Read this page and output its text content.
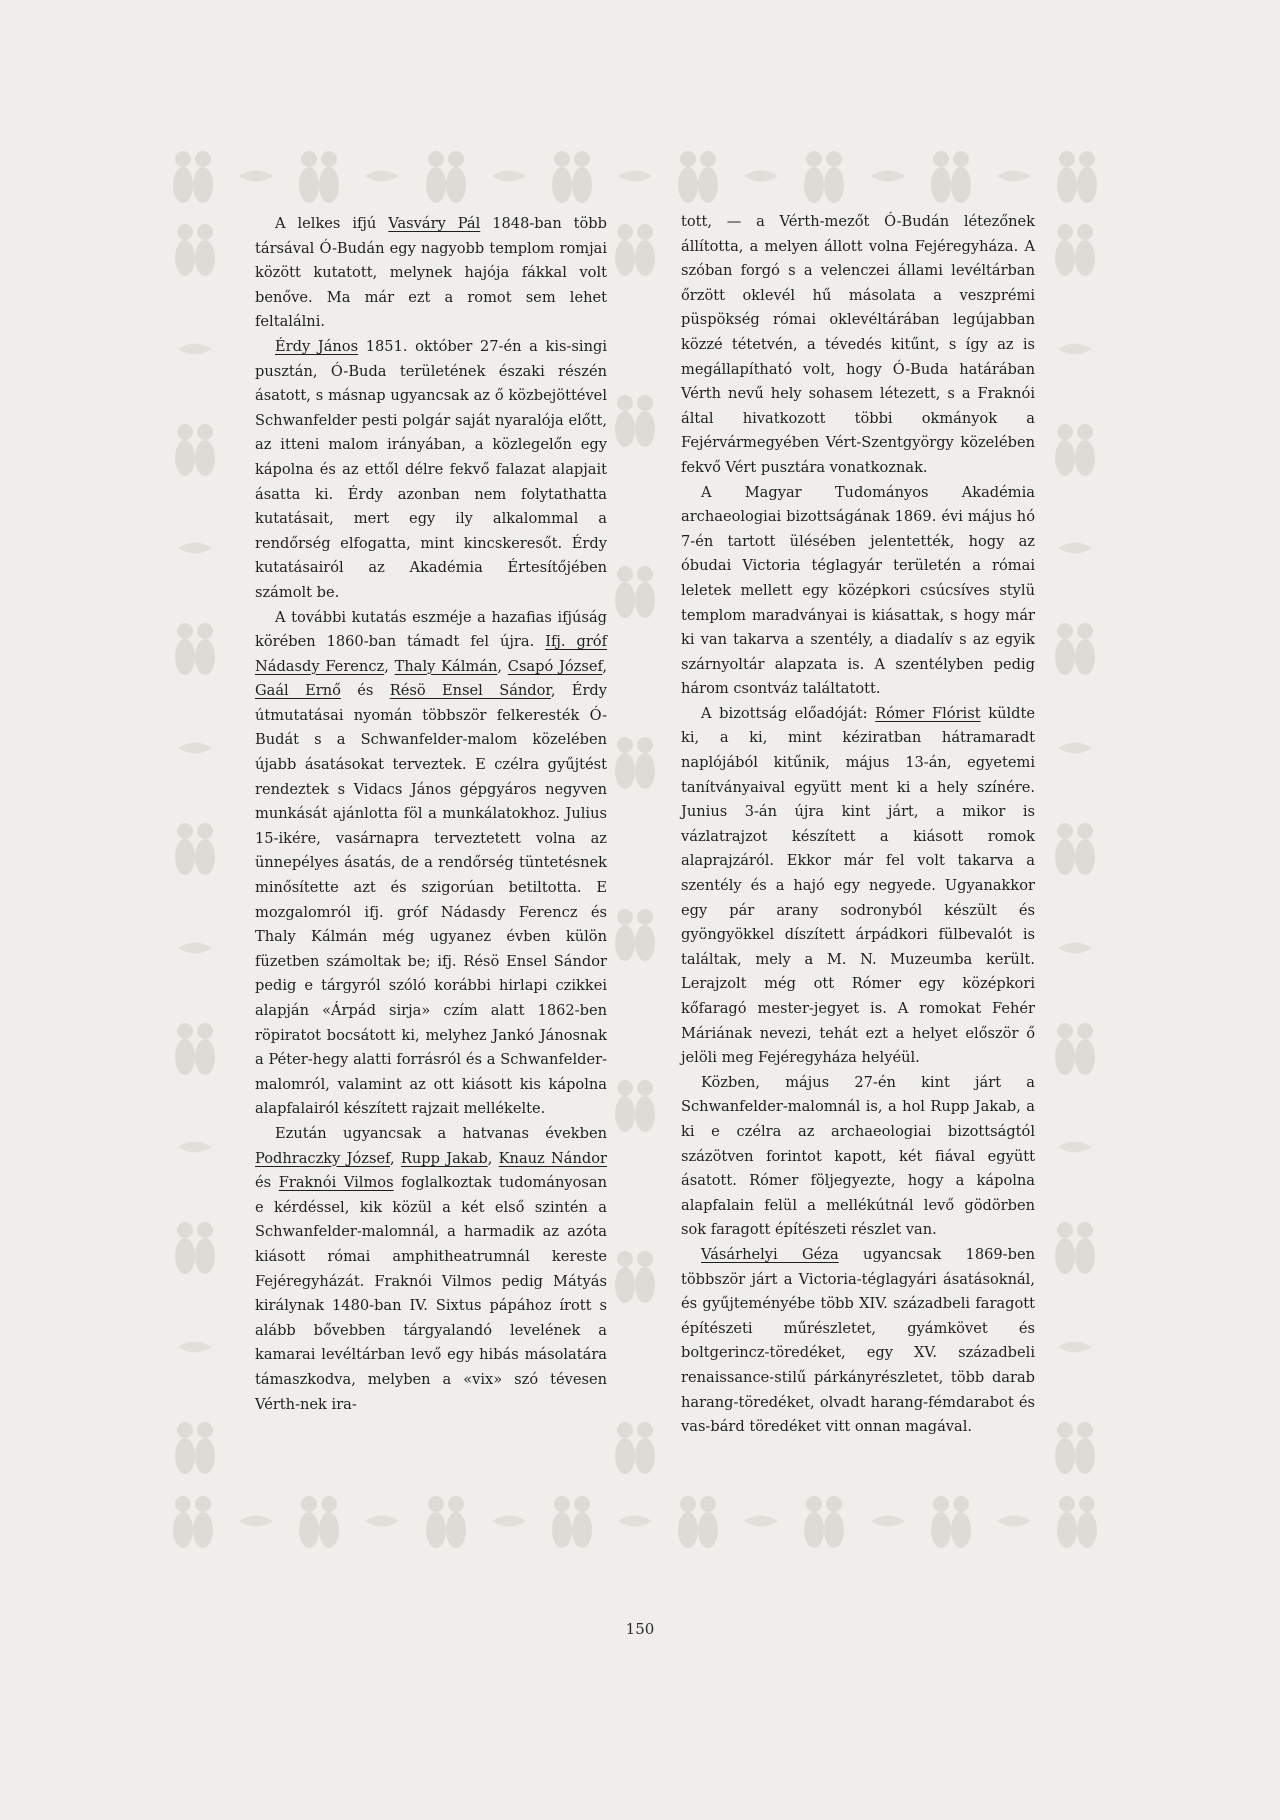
A lelkes ifjú Vasváry Pál 1848-ban több társával Ó-Budán egy nagyobb templom romjai között kutatott, melynek hajója fákkal volt benőve. Ma már ezt a romot sem lehet feltalálni.

Érdy János 1851. október 27-én a kis-singi pusztán, Ó-Buda területének északi részén ásatott, s másnap ugyancsak az ő közbejöttével Schwanfelder pesti polgár saját nyaralója előtt, az itteni malom irányában, a közlegelőn egy kápolna és az ettől délre fekvő falazat alapjait ásatta ki. Érdy azonban nem folytathatta kutatásait, mert egy ily alkalommal a rendőrség elfogatta, mint kincskeresőt. Érdy kutatásairól az Akadémia Értesítőjében számolt be.

A további kutatás eszméje a hazafias ifjúság körében 1860-ban támadt fel újra. Ifj. gróf Nádasdy Ferencz, Thaly Kálmán, Csapó József, Gaál Ernő és Résö Ensel Sándor, Érdy útmutatásai nyomán többször felkeresték Ó-Budát s a Schwanfelder-malom közelében újabb ásatásokat terveztek. E czélra gyűjtést rendeztek s Vidacs János gépgyáros negyven munkását ajánlotta föl a munkálatokhoz. Julius 15-ikére, vasárnapra terveztetett volna az ünnepélyes ásatás, de a rendőrség tüntetésnek minősítette azt és szigorúan betiltotta. E mozgalomról ifj. gróf Nádasdy Ferencz és Thaly Kálmán még ugyanez évben külön füzetben számoltak be; ifj. Résö Ensel Sándor pedig e tárgyról szóló korábbi hirlapi czikkei alapján «Árpád sirja» czím alatt 1862-ben röpiratot bocsátott ki, melyhez Jankó Jánosnak a Péter-hegy alatti forrásról és a Schwanfelder-malomról, valamint az ott kiásott kis kápolna alapfalairól készített rajzait mellékelte.

Ezután ugyancsak a hatvanas években Podhraczky József, Rupp Jakab, Knauz Nándor és Fraknói Vilmos foglalkoztak tudományosan e kérdéssel, kik közül a két első szintén a Schwanfelder-malomnál, a harmadik az azóta kiásott római amphitheatrumnál kereste Fejéregyházát. Fraknói Vilmos pedig Mátyás királynak 1480-ban IV. Sixtus pápához írott s alább bővebben tárgyalandó levelének a kamarai levéltárban levő egy hibás másolatára támaszkodva, melyben a «vix» szó tévesen Vérth-nek ira-

tott, — a Vérth-mezőt Ó-Budán létezőnek állította, a melyen állott volna Fejéregyháza. A szóban forgó s a velenczei állami levéltárban őrzött oklevél hű másolata a veszprémi püspökség római oklevéltárában legújabban közzé tétetvén, a tévedés kitűnt, s így az is megállapítható volt, hogy Ó-Buda határában Vérth nevű hely sohasem létezett, s a Fraknói által hivatkozott többi okmányok a Fejérvármegyében Vért-Szentgyörgy közelében fekvő Vért pusztára vonatkoznak.

A Magyar Tudományos Akadémia archaeologiai bizottságának 1869. évi május hó 7-én tartott ülésében jelentették, hogy az óbudai Victoria téglagyár területén a római leletek mellett egy középkori csúcsíves stylü templom maradványai is kiásattak, s hogy már ki van takarva a szentély, a diadalív s az egyik szárnyoltár alapzata is. A szentélyben pedig három csontváz találtatott.

A bizottság előadóját: Rómer Flórist küldte ki, a ki, mint kéziratban hátramaradt naplójából kitűnik, május 13-án, egyetemi tanítványaival együtt ment ki a hely színére. Junius 3-án újra kint járt, a mikor is vázlatrajzot készített a kiásott romok alaprajzáról. Ekkor már fel volt takarva a szentély és a hajó egy negyede. Ugyanakkor egy pár arany sodronyból készült és gyöngyökkel díszített árpádkori fülbevalót is találtak, mely a M. N. Muzeumba került. Lerajzolt még ott Rómer egy középkori kőfaragó mester-jegyet is. A romokat Fehér Máriának nevezi, tehát ezt a helyet először ő jelöli meg Fejéregyháza helyéül.

Közben, május 27-én kint járt a Schwanfelder-malomnál is, a hol Rupp Jakab, a ki e czélra az archaeologiai bizottságtól százötven forintot kapott, két fiával együtt ásatott. Rómer följegyezte, hogy a kápolna alapfalain felül a mellékútnál levő gödörben sok faragott építészeti részlet van.

Vásárhelyi Géza ugyancsak 1869-ben többször járt a Victoria-téglagyári ásatásoknál, és gyűjteményébe több XIV. századbeli faragott építészeti műrészletet, gyámkövet és boltgerincz-töredéket, egy XV. századbeli renaissance-stilű párkányrészletet, több darab harang-töredéket, olvadt harang-fémdarabot és vas-bárd töredéket vitt onnan magával.

150
